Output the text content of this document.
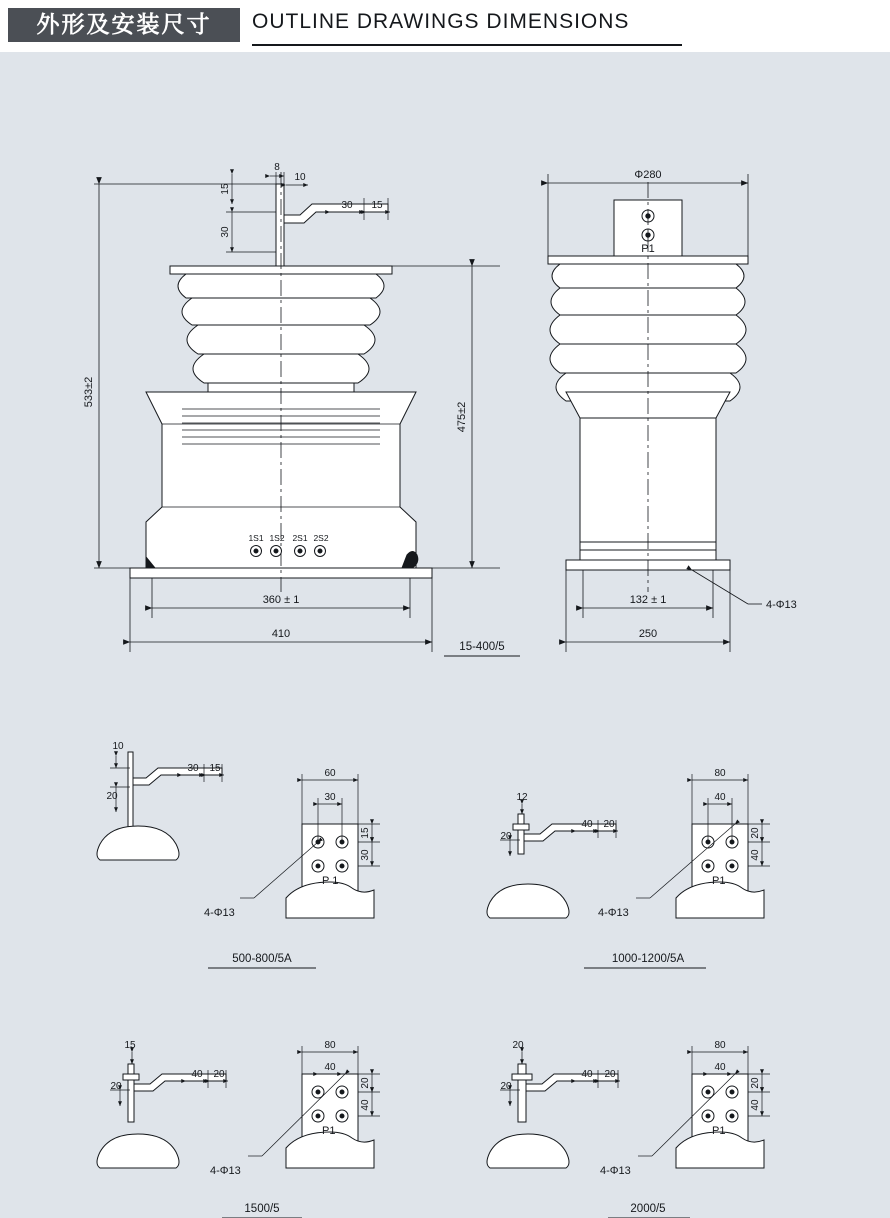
外形及安装尺寸	OUTLINE DRAWINGS DIMENSIONS
1S1 1S2 2S1 2S2
533±2
475±2
360 ± 1
410
15
30
8
10
30 15
P1
Φ280
132 ± 1
250
4-Φ13
15-400/5
10
20
30 15	60
30
15
30
P 1
4-Φ13
500-800/5A
12
20
40 20
80
40
20
40
P1
4-Φ13
1000-1200/5A
15
20
40 20
80
40
20
40
P1
4-Φ13
1500/5
20
20
40 20
80
40
20
40
P1
4-Φ13
2000/5
